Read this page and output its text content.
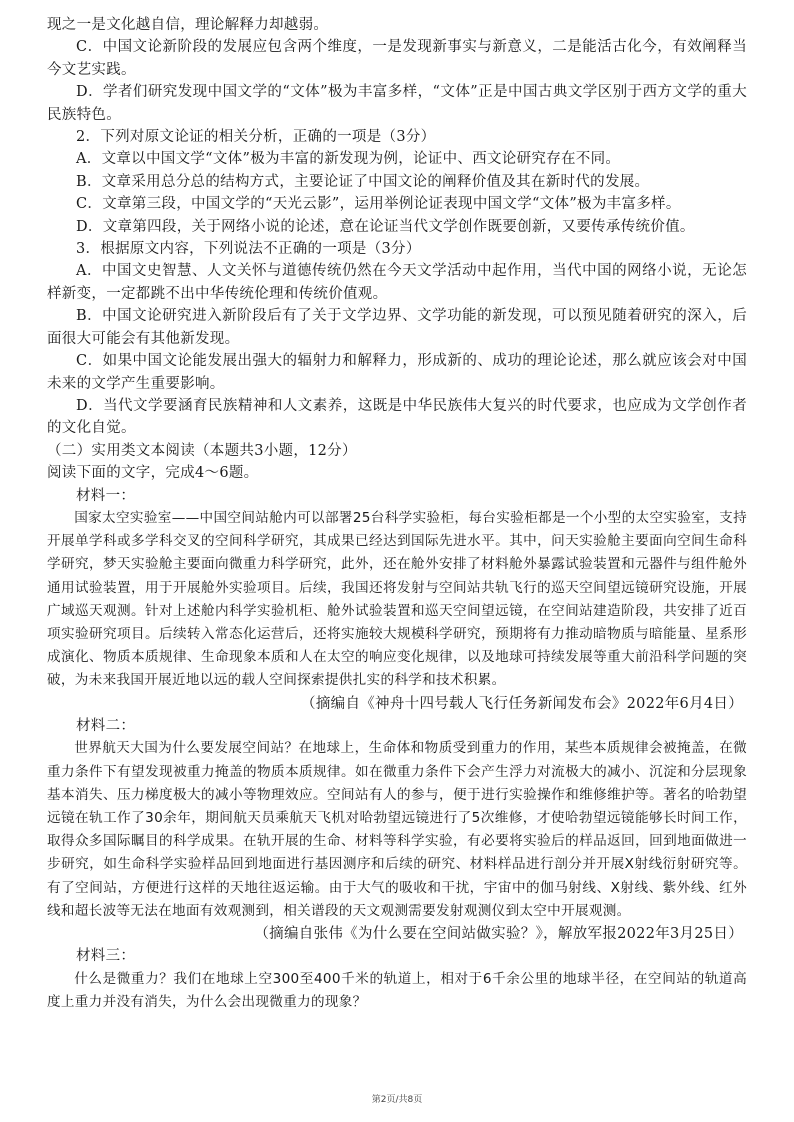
现之一是文化越自信，理论解释力却越弱。

C．中国文论新阶段的发展应包含两个维度，一是发现新事实与新意义，二是能活古化今，有效阐释当今文艺实践。

D．学者们研究发现中国文学的“文体”极为丰富多样，“文体”正是中国古典文学区别于西方文学的重大民族特色。

2．下列对原文论证的相关分析，正确的一项是（3分）

A．文章以中国文学“文体”极为丰富的新发现为例，论证中、西文论研究存在不同。

B．文章采用总分总的结构方式，主要论证了中国文论的阐释价值及其在新时代的发展。

C．文章第三段，中国文学的“天光云影”，运用举例论证表现中国文学“文体”极为丰富多样。

D．文章第四段，关于网络小说的论述，意在论证当代文学创作既要创新，又要传承传统价值。

3．根据原文内容，下列说法不正确的一项是（3分）

A．中国文史智慧、人文关怀与道德传统仍然在今天文学活动中起作用，当代中国的网络小说，无论怎样新变，一定都跳不出中华传统伦理和传统价值观。

B．中国文论研究进入新阶段后有了关于文学边界、文学功能的新发现，可以预见随着研究的深入，后面很大可能会有其他新发现。

C．如果中国文论能发展出强大的辐射力和解释力，形成新的、成功的理论论述，那么就应该会对中国未来的文学产生重要影响。

D．当代文学要涵育民族精神和人文素养，这既是中华民族伟大复兴的时代要求，也应成为文学创作者的文化自觉。

（二）实用类文本阅读（本题共3小题，12分）

阅读下面的文字，完成4～6题。

材料一：

国家太空实验室——中国空间站舱内可以部署25台科学实验柜，每台实验柜都是一个小型的太空实验室，支持开展单学科或多学科交叉的空间科学研究，其成果已经达到国际先进水平。其中，问天实验舱主要面向空间生命科学研究，梦天实验舱主要面向微重力科学研究，此外，还在舱外安排了材料舱外暴露试验装置和元器件与组件舱外通用试验装置，用于开展舱外实验项目。后续，我国还将发射与空间站共轨飞行的巡天空间望远镜研究设施，开展广域巡天观测。针对上述舱内科学实验机柜、舱外试验装置和巡天空间望远镜，在空间站建造阶段，共安排了近百项实验研究项目。后续转入常态化运营后，还将实施较大规模科学研究，预期将有力推动暗物质与暗能量、星系形成演化、物质本质规律、生命现象本质和人在太空的响应变化规律，以及地球可持续发展等重大前沿科学问题的突破，为未来我国开展近地以远的载人空间探索提供扎实的科学和技术积累。

（摘编自《神舟十四号载人飞行任务新闻发布会》2022年6月4日）

材料二：

世界航天大国为什么要发展空间站？在地球上，生命体和物质受到重力的作用，某些本质规律会被掩盖，在微重力条件下有望发现被重力掩盖的物质本质规律。如在微重力条件下会产生浮力对流极大的减小、沉淀和分层现象基本消失、压力梯度极大的减小等物理效应。空间站有人的参与，便于进行实验操作和维修维护等。著名的哈勃望远镜在轨工作了30余年，期间航天员乘航天飞机对哈勃望远镜进行了5次维修，才使哈勃望远镜能够长时间工作，取得众多国际瞩目的科学成果。在轨开展的生命、材料等科学实验，有必要将实验后的样品返回，回到地面做进一步研究，如生命科学实验样品回到地面进行基因测序和后续的研究、材料样品进行剖分并开展X射线衍射研究等。有了空间站，方便进行这样的天地往返运输。由于大气的吸收和干扰，宇宙中的伽马射线、X射线、紫外线、红外线和超长波等无法在地面有效观测到，相关谱段的天文观测需要发射观测仪到太空中开展观测。

（摘编自张伟《为什么要在空间站做实验？》，解放军报2022年3月25日）

材料三：

什么是微重力？我们在地球上空300至400千米的轨道上，相对于6千余公里的地球半径，在空间站的轨道高度上重力并没有消失，为什么会出现微重力的现象？

第2页/共8页
